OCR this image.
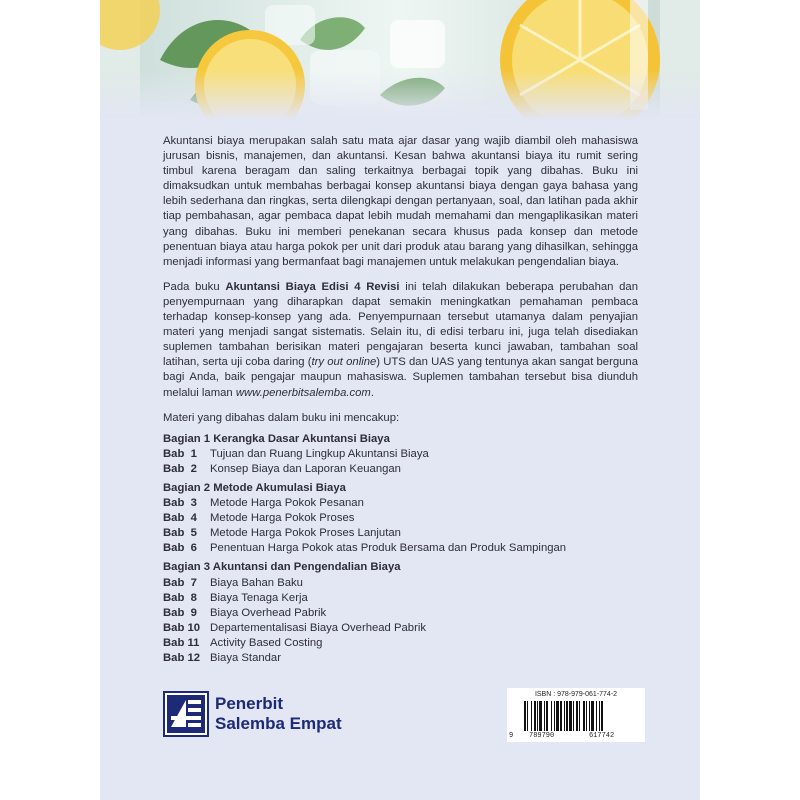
Akuntansi biaya merupakan salah satu mata ajar dasar yang wajib diambil oleh mahasiswa jurusan bisnis, manajemen, dan akuntansi. Kesan bahwa akuntansi biaya itu rumit sering timbul karena beragam dan saling terkaitnya berbagai topik yang dibahas. Buku ini dimaksudkan untuk membahas berbagai konsep akuntansi biaya dengan gaya bahasa yang lebih sederhana dan ringkas, serta dilengkapi dengan pertanyaan, soal, dan latihan pada akhir tiap pembahasan, agar pembaca dapat lebih mudah memahami dan mengaplikasikan materi yang dibahas. Buku ini memberi penekanan secara khusus pada konsep dan metode penentuan biaya atau harga pokok per unit dari produk atau barang yang dihasilkan, sehingga menjadi informasi yang bermanfaat bagi manajemen untuk melakukan pengendalian biaya.

Pada buku Akuntansi Biaya Edisi 4 Revisi ini telah dilakukan beberapa perubahan dan penyempurnaan yang diharapkan dapat semakin meningkatkan pemahaman pembaca terhadap konsep-konsep yang ada. Penyempurnaan tersebut utamanya dalam penyajian materi yang menjadi sangat sistematis. Selain itu, di edisi terbaru ini, juga telah disediakan suplemen tambahan berisikan materi pengajaran beserta kunci jawaban, tambahan soal latihan, serta uji coba daring (try out online) UTS dan UAS yang tentunya akan sangat berguna bagi Anda, baik pengajar maupun mahasiswa. Suplemen tambahan tersebut bisa diunduh melalui laman www.penerbitsalemba.com.

Materi yang dibahas dalam buku ini mencakup:

Bagian 1 Kerangka Dasar Akuntansi Biaya

Bab  1	Tujuan dan Ruang Lingkup Akuntansi Biaya
Bab  2	Konsep Biaya dan Laporan Keuangan

Bagian 2 Metode Akumulasi Biaya

Bab  3	Metode Harga Pokok Pesanan
Bab  4	Metode Harga Pokok Proses
Bab  5	Metode Harga Pokok Proses Lanjutan
Bab  6	Penentuan Harga Pokok atas Produk Bersama dan Produk Sampingan

Bagian 3 Akuntansi dan Pengendalian Biaya

Bab  7	Biaya Bahan Baku
Bab  8	Biaya Tenaga Kerja
Bab  9	Biaya Overhead Pabrik
Bab 10 Departementalisasi Biaya Overhead Pabrik
Bab 11 Activity Based Costing
Bab 12 Biaya Standar
Penerbit
Salemba Empat
ISBN : 978-979-061-774-2
9 789790	617742
